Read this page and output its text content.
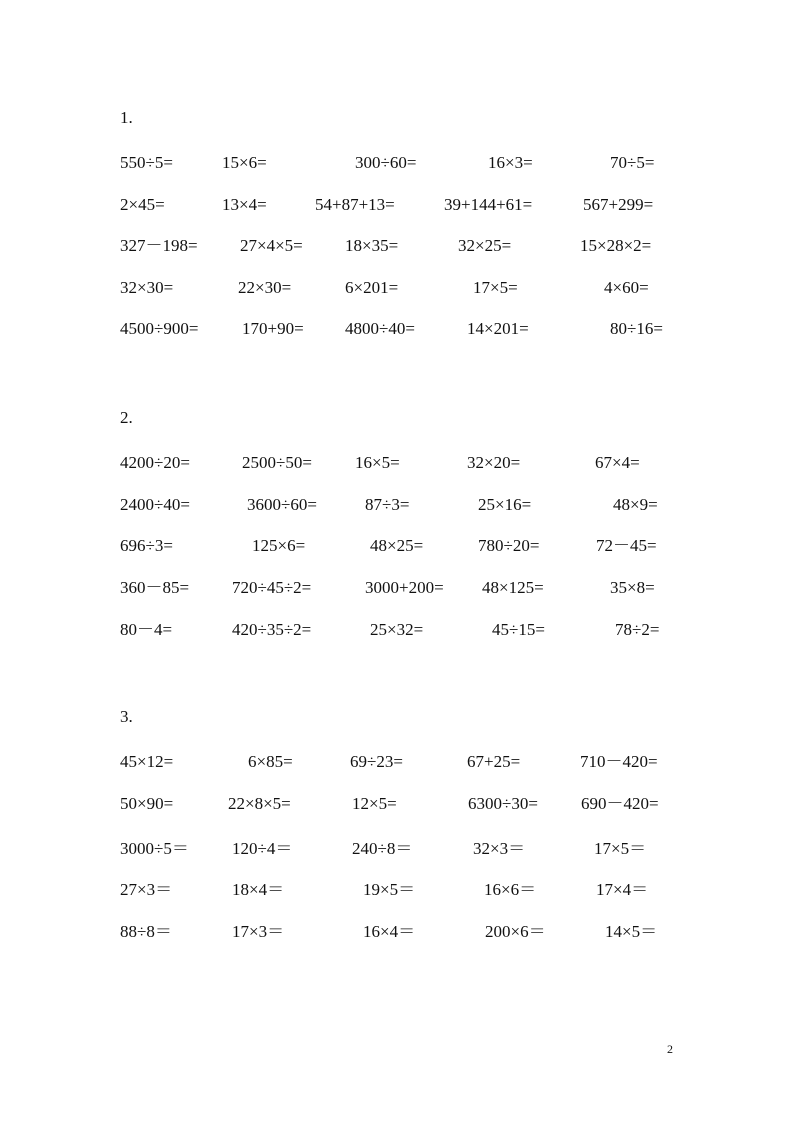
1.
550÷5=	15×6=	300÷60=	16×3=	70÷5=
2×45=	13×4=	54+87+13=	39+144+61=	567+299=
327－198= 27×4×5= 18×35=	32×25=	15×28×2=
32×30=	22×30=	6×201=	17×5=	4×60=
4500÷900=	170+90= 4800÷40=	14×201=	80÷16=
2.
4200÷20=	2500÷50=	16×5=	32×20=	67×4=
2400÷40=	3600÷60=	87÷3=	25×16=	48×9=
696÷3=	125×6=	48×25=	780÷20=	72－45=
360－85=	720÷45÷2=	3000+200= 48×125=	35×8=
80－4=	420÷35÷2=	25×32=	45÷15=	78÷2=
3.
45×12=	6×85=	69÷23=	67+25=	710－420=
50×90=	22×8×5=	12×5=	6300÷30=	690－420=
3000÷5＝	120÷4＝	240÷8＝	32×3＝	17×5＝
27×3＝	18×4＝	19×5＝	16×6＝	17×4＝
88÷8＝	17×3＝	16×4＝	200×6＝	14×5＝
2
